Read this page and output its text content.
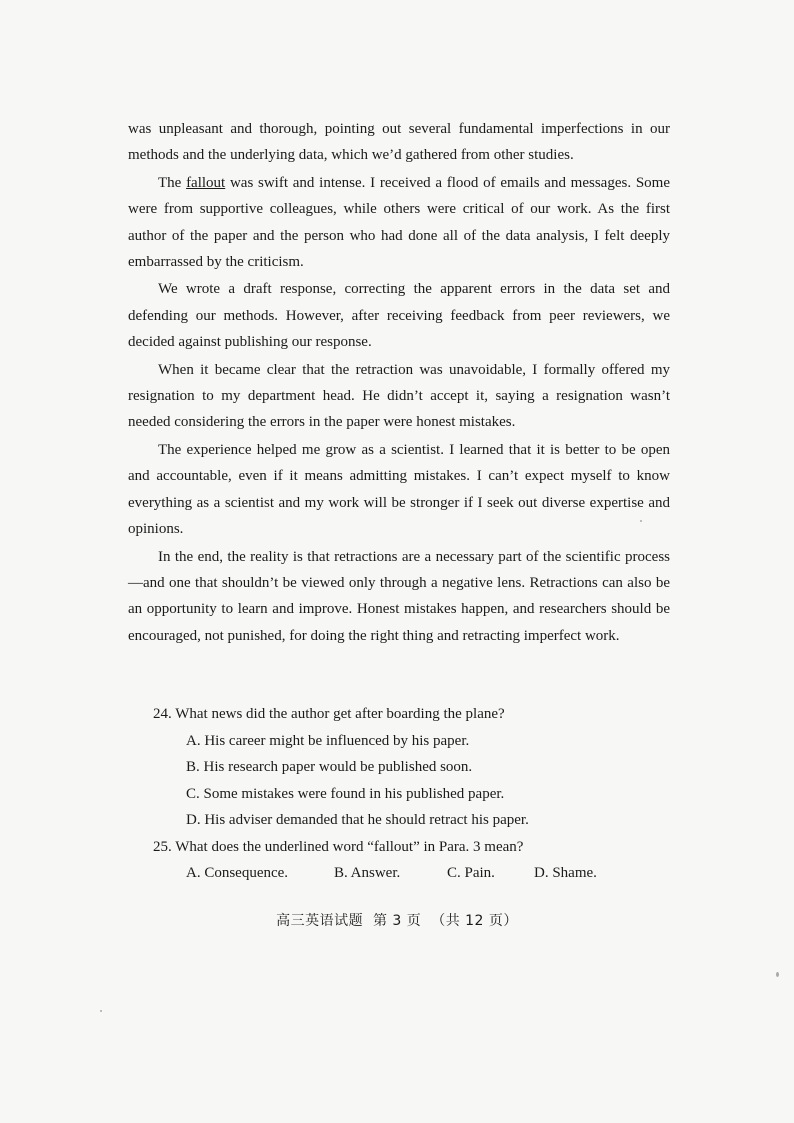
was unpleasant and thorough, pointing out several fundamental imperfections in our methods and the underlying data, which we’d gathered from other studies.

The fallout was swift and intense. I received a flood of emails and messages. Some were from supportive colleagues, while others were critical of our work. As the first author of the paper and the person who had done all of the data analysis, I felt deeply embarrassed by the criticism.

We wrote a draft response, correcting the apparent errors in the data set and defending our methods. However, after receiving feedback from peer reviewers, we decided against publishing our response.

When it became clear that the retraction was unavoidable, I formally offered my resignation to my department head. He didn’t accept it, saying a resignation wasn’t needed considering the errors in the paper were honest mistakes.

The experience helped me grow as a scientist. I learned that it is better to be open and accountable, even if it means admitting mistakes. I can’t expect myself to know everything as a scientist and my work will be stronger if I seek out diverse expertise and opinions.

In the end, the reality is that retractions are a necessary part of the scientific process—and one that shouldn’t be viewed only through a negative lens. Retractions can also be an opportunity to learn and improve. Honest mistakes happen, and researchers should be encouraged, not punished, for doing the right thing and retracting imperfect work.

24. What news did the author get after boarding the plane?

A. His career might be influenced by his paper.

B. His research paper would be published soon.

C. Some mistakes were found in his published paper.

D. His adviser demanded that he should retract his paper.

25. What does the underlined word “fallout” in Para. 3 mean?

A. Consequence.	B. Answer.	C. Pain.	D. Shame.
高三英语试题 第 3 页 （共 12 页）
